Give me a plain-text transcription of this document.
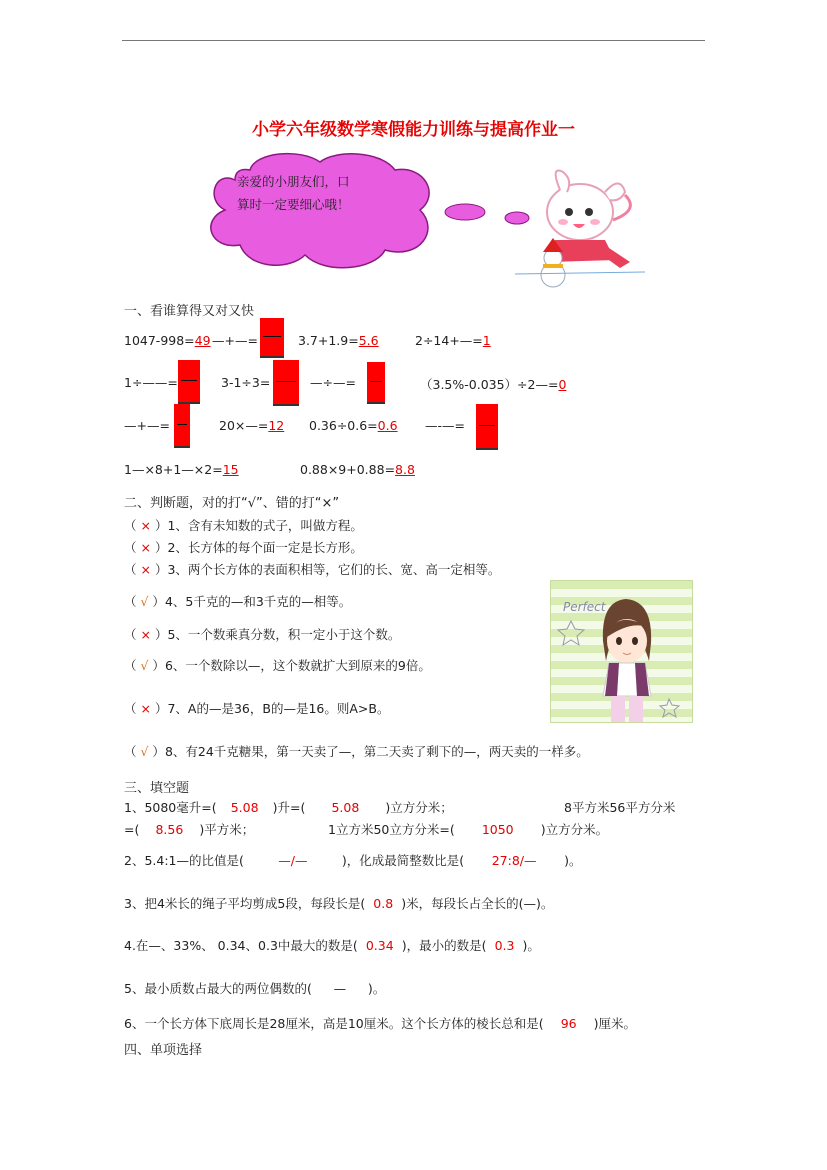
小学六年级数学寒假能力训练与提高作业一
亲爱的小朋友们，口
算时一定要细心哦！
一、看谁算得又对又快
1047-998=49 —+—=	3.7+1.9=5.6	2÷14+—=1
1÷——=	3-1÷3=	—÷—=	（3.5%-0.035）÷2—=0
—+—=	20×—=12 0.36÷0.6=0.6 —-—=
1—×8+1—×2=15	0.88×9+0.88=8.8
二、判断题，对的打“√”、错的打“×”
（ × ）1、含有未知数的式子，叫做方程。
（ × ）2、长方体的每个面一定是长方形。
（ × ）3、两个长方体的表面积相等，它们的长、宽、高一定相等。
（ √ ）4、5千克的—和3千克的—相等。
（ × ）5、一个数乘真分数，积一定小于这个数。
（ √ ）6、一个数除以—，这个数就扩大到原来的9倍。
（ × ）7、A的—是36，B的—是16。则A>B。
（ √ ）8、有24千克糖果，第一天卖了—，第二天卖了剩下的—，两天卖的一样多。
Perfect
三、填空题
1、5080毫升=( 5.08 )升=( 5.08 )立方分米；	8平方米56平方分米
=( 8.56 )平方米；	1立方米50立方分米=( 1050 )立方分米。
2、5.4:1—的比值是(	—/—	)，化成最简整数比是( 27:8/— )。
3、把4米长的绳子平均剪成5段，每段长是( 0.8 )米，每段长占全长的(—)。
4.在—、33%、 0.34、0.3中最大的数是( 0.34 )，最小的数是( 0.3 )。
5、最小质数占最大的两位偶数的( — )。
6、一个长方体下底周长是28厘米，高是10厘米。这个长方体的棱长总和是( 96 )厘米。
四、单项选择
